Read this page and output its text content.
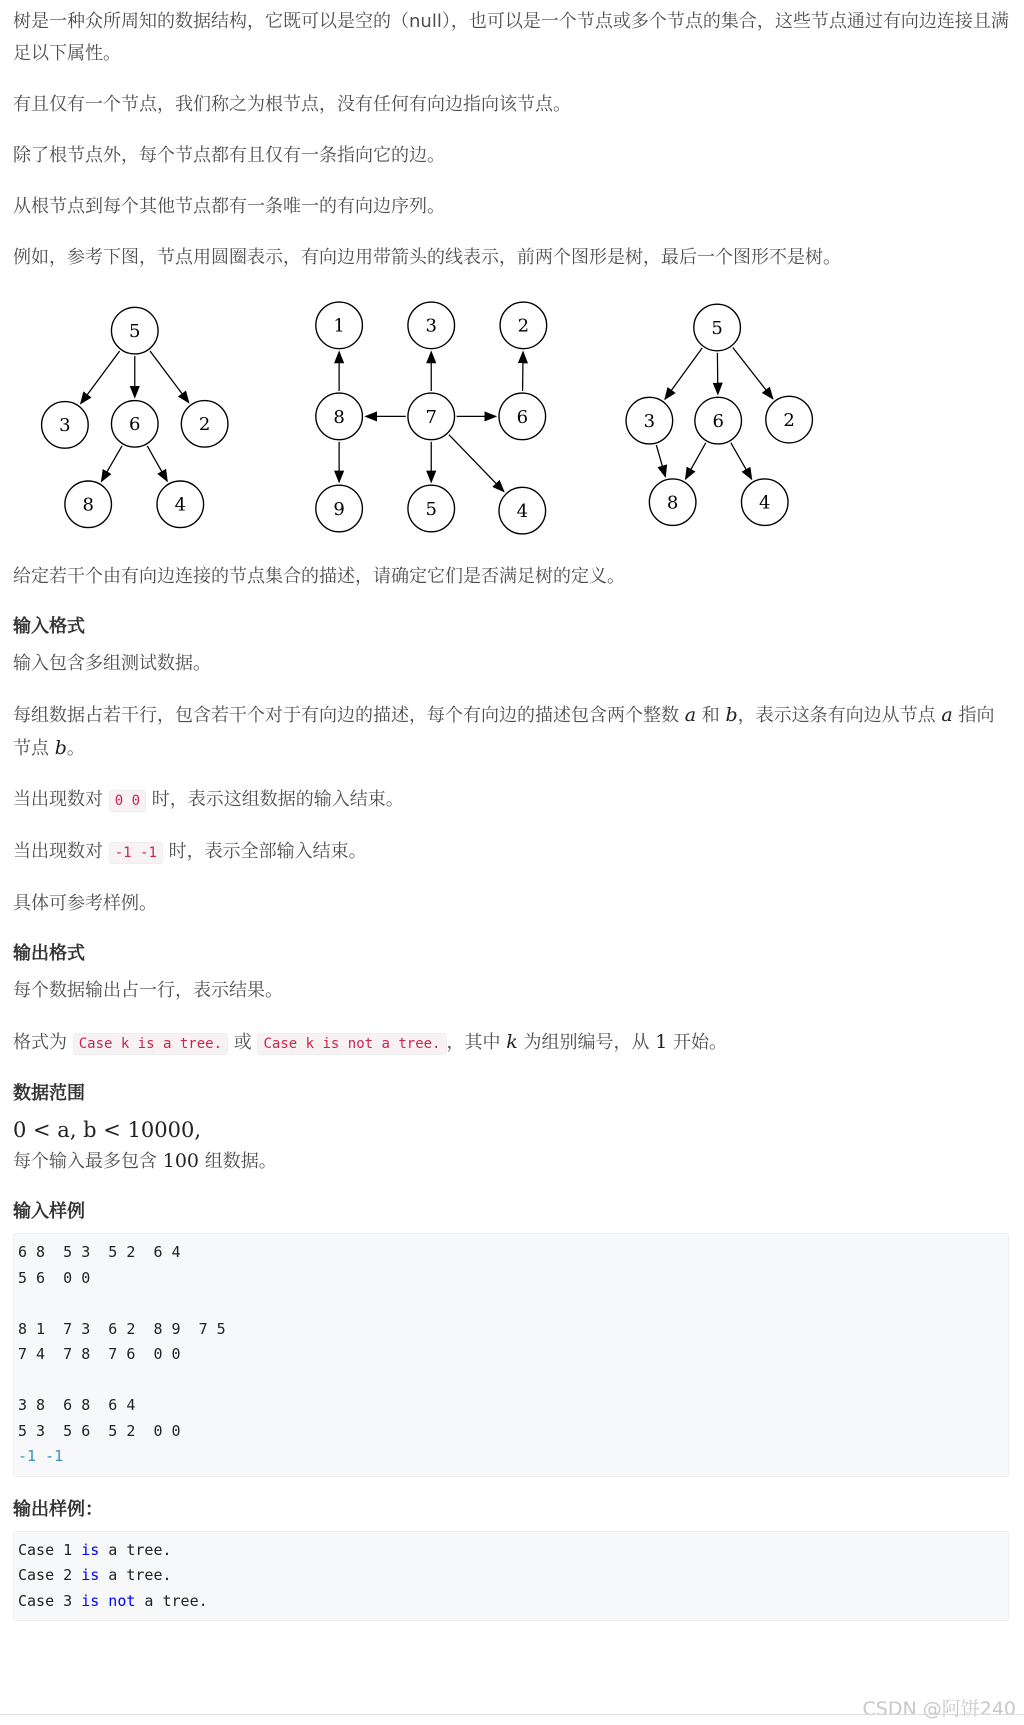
树是一种众所周知的数据结构，它既可以是空的（null），也可以是一个节点或多个节点的集合，这些节点通过有向边连接且满足以下属性。

有且仅有一个节点，我们称之为根节点，没有任何有向边指向该节点。

除了根节点外，每个节点都有且仅有一条指向它的边。

从根节点到每个其他节点都有一条唯一的有向边序列。

例如，参考下图，节点用圆圈表示，有向边用带箭头的线表示，前两个图形是树，最后一个图形不是树。

5
3	6	2
8	4
1	3	2
8	7	6
9	5	4
5
3	6	2
8	4

给定若干个由有向边连接的节点集合的描述，请确定它们是否满足树的定义。

输入格式

输入包含多组测试数据。

每组数据占若干行，包含若干个对于有向边的描述，每个有向边的描述包含两个整数 a 和 b，表示这条有向边从节点 a 指向节点 b。

当出现数对 0 0 时，表示这组数据的输入结束。

当出现数对 -1 -1 时，表示全部输入结束。

具体可参考样例。

输出格式

每个数据输出占一行，表示结果。

格式为 Case k is a tree. 或 Case k is not a tree. ，其中 k 为组别编号，从 1 开始。

数据范围
0 < a, b < 10000,

每个输入最多包含 100 组数据。

输入样例
6 8  5 3  5 2  6 4
5 6  0 0

8 1  7 3  6 2  8 9  7 5
7 4  7 8  7 6  0 0

3 8  6 8  6 4
5 3  5 6  5 2  0 0
-1 -1
输出样例：
Case 1 is a tree.
Case 2 is a tree.
Case 3 is not a tree.
CSDN @阿饼240
